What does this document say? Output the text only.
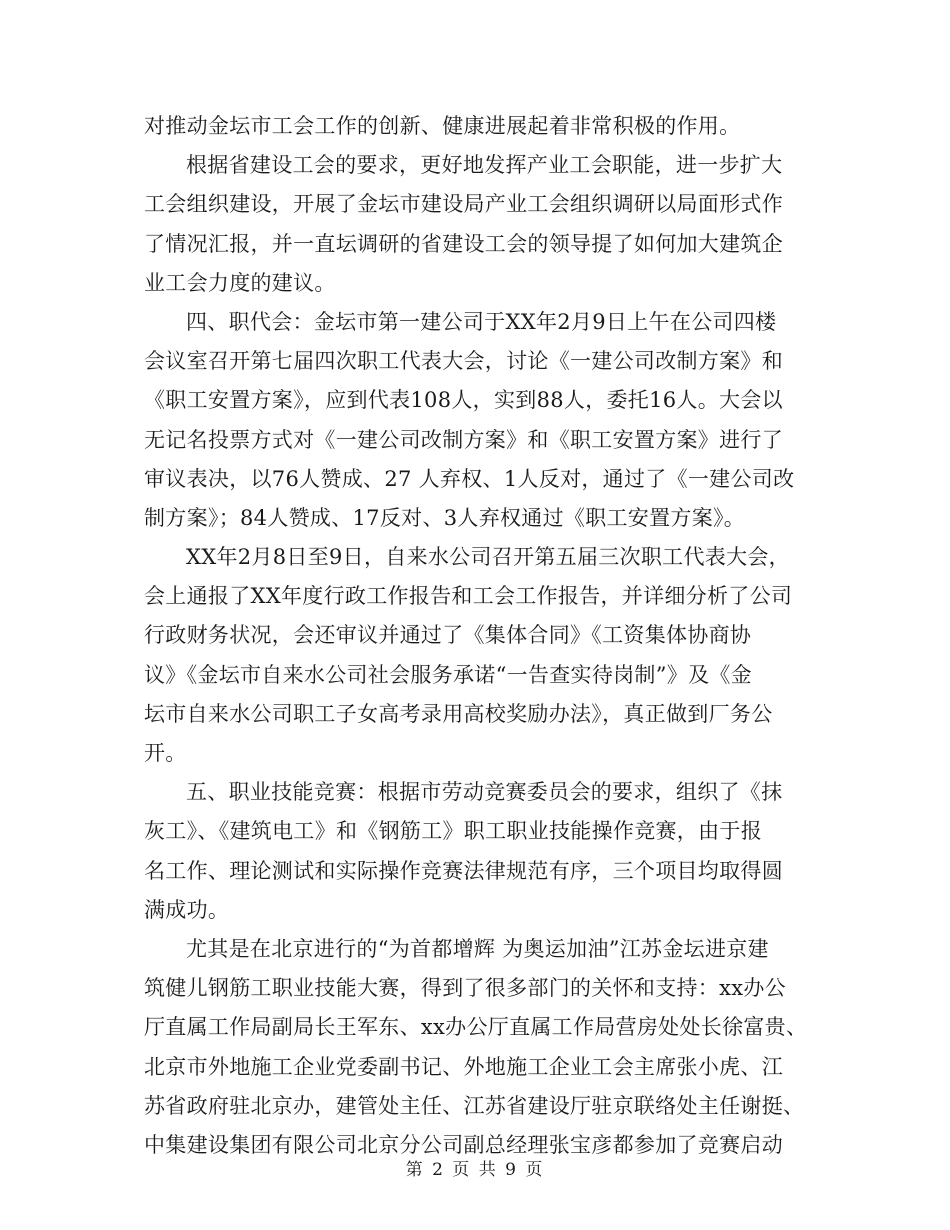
对推动金坛市工会工作的创新、健康进展起着非常积极的作用。
根据省建设工会的要求，更好地发挥产业工会职能，进一步扩大
工会组织建设，开展了金坛市建设局产业工会组织调研以局面形式作
了情况汇报，并一直坛调研的省建设工会的领导提了如何加大建筑企
业工会力度的建议。
四、职代会：金坛市第一建公司于XX年2月9日上午在公司四楼
会议室召开第七届四次职工代表大会，讨论《一建公司改制方案》和
《职工安置方案》，应到代表108人，实到88人，委托16人。大会以
无记名投票方式对《一建公司改制方案》和《职工安置方案》进行了
审议表决，以76人赞成、27 人弃权、1人反对，通过了《一建公司改
制方案》；84人赞成、17反对、3人弃权通过《职工安置方案》。
XX年2月8日至9日，自来水公司召开第五届三次职工代表大会，
会上通报了XX年度行政工作报告和工会工作报告，并详细分析了公司
行政财务状况，会还审议并通过了《集体合同》《工资集体协商协
议》《金坛市自来水公司社会服务承诺“一告查实待岗制”》及《金
坛市自来水公司职工子女高考录用高校奖励办法》，真正做到厂务公
开。
五、职业技能竞赛：根据市劳动竞赛委员会的要求，组织了《抹
灰工》、《建筑电工》和《钢筋工》职工职业技能操作竞赛，由于报
名工作、理论测试和实际操作竞赛法律规范有序，三个项目均取得圆
满成功。
尤其是在北京进行的“为首都增辉 为奥运加油”江苏金坛进京建
筑健儿钢筋工职业技能大赛，得到了很多部门的关怀和支持：xx办公
厅直属工作局副局长王军东、xx办公厅直属工作局营房处处长徐富贵、
北京市外地施工企业党委副书记、外地施工企业工会主席张小虎、江
苏省政府驻北京办，建管处主任、江苏省建设厅驻京联络处主任谢挺、
中集建设集团有限公司北京分公司副总经理张宝彦都参加了竞赛启动
第 2 页 共 9 页
